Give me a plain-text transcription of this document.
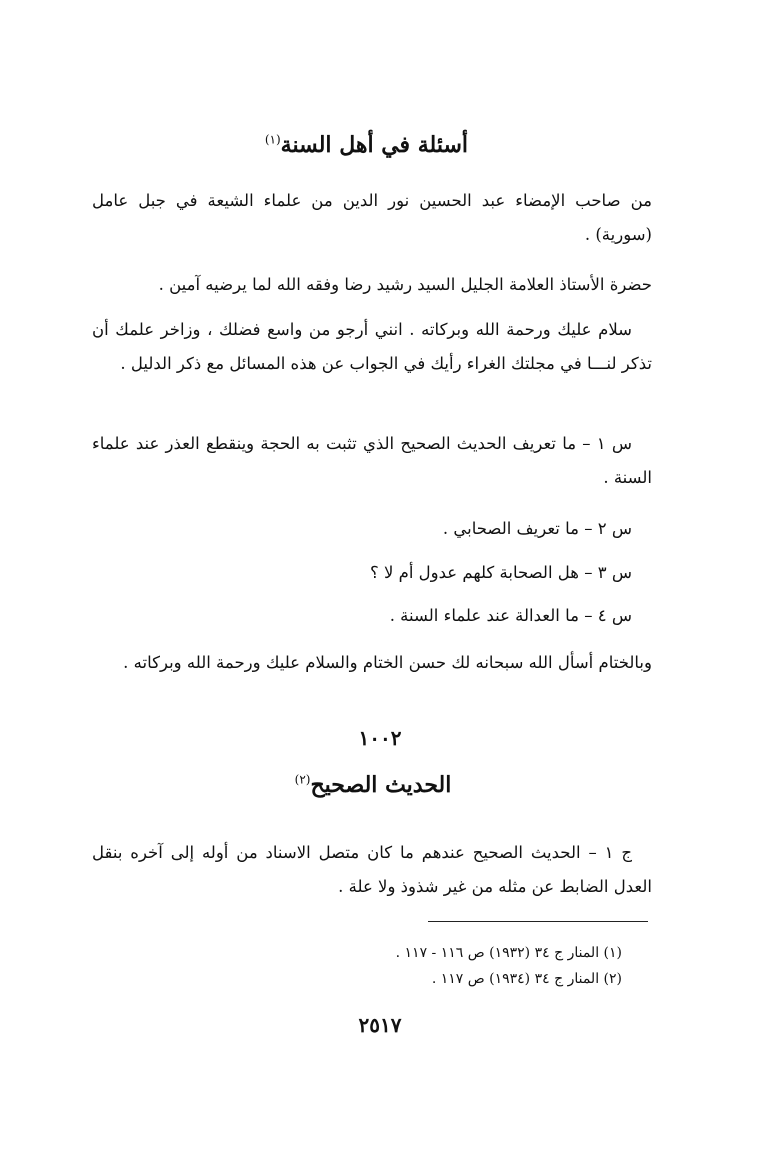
أسئلة في أهل السنة$^{(١)}$
من صاحب الإمضاء عبد الحسين نور الدين من علماء الشيعة في جبل عامل (سورية) .
حضرة الأستاذ العلامة الجليل السيد رشيد رضا وفقه الله لما يرضيه آمين .
سلام عليك ورحمة الله وبركاته . انني أرجو من واسع فضلك ، وزاخر علمك أن تذكر لنـــا في مجلتك الغراء رأيك في الجواب عن هذه المسائل مع ذكر الدليل .
س ١ – ما تعريف الحديث الصحيح الذي تثبت به الحجة وينقطع العذر عند علماء السنة .
س ٢ – ما تعريف الصحابي .
س ٣ – هل الصحابة كلهم عدول أم لا ؟
س ٤ – ما العدالة عند علماء السنة .
وبالختام أسأل الله سبحانه لك حسن الختام والسلام عليك ورحمة الله وبركاته .
١٠٠٢
الحديث الصحيح$^{(٢)}$
ج ١ – الحديث الصحيح عندهم ما كان متصل الاسناد من أوله إلى آخره بنقل العدل الضابط عن مثله من غير شذوذ ولا علة .
(١) المنار ج ٣٤ (١٩٣٢) ص ١١٦ - ١١٧ .
(٢) المنار ج ٣٤ (١٩٣٤) ص ١١٧ .
٢٥١٧
